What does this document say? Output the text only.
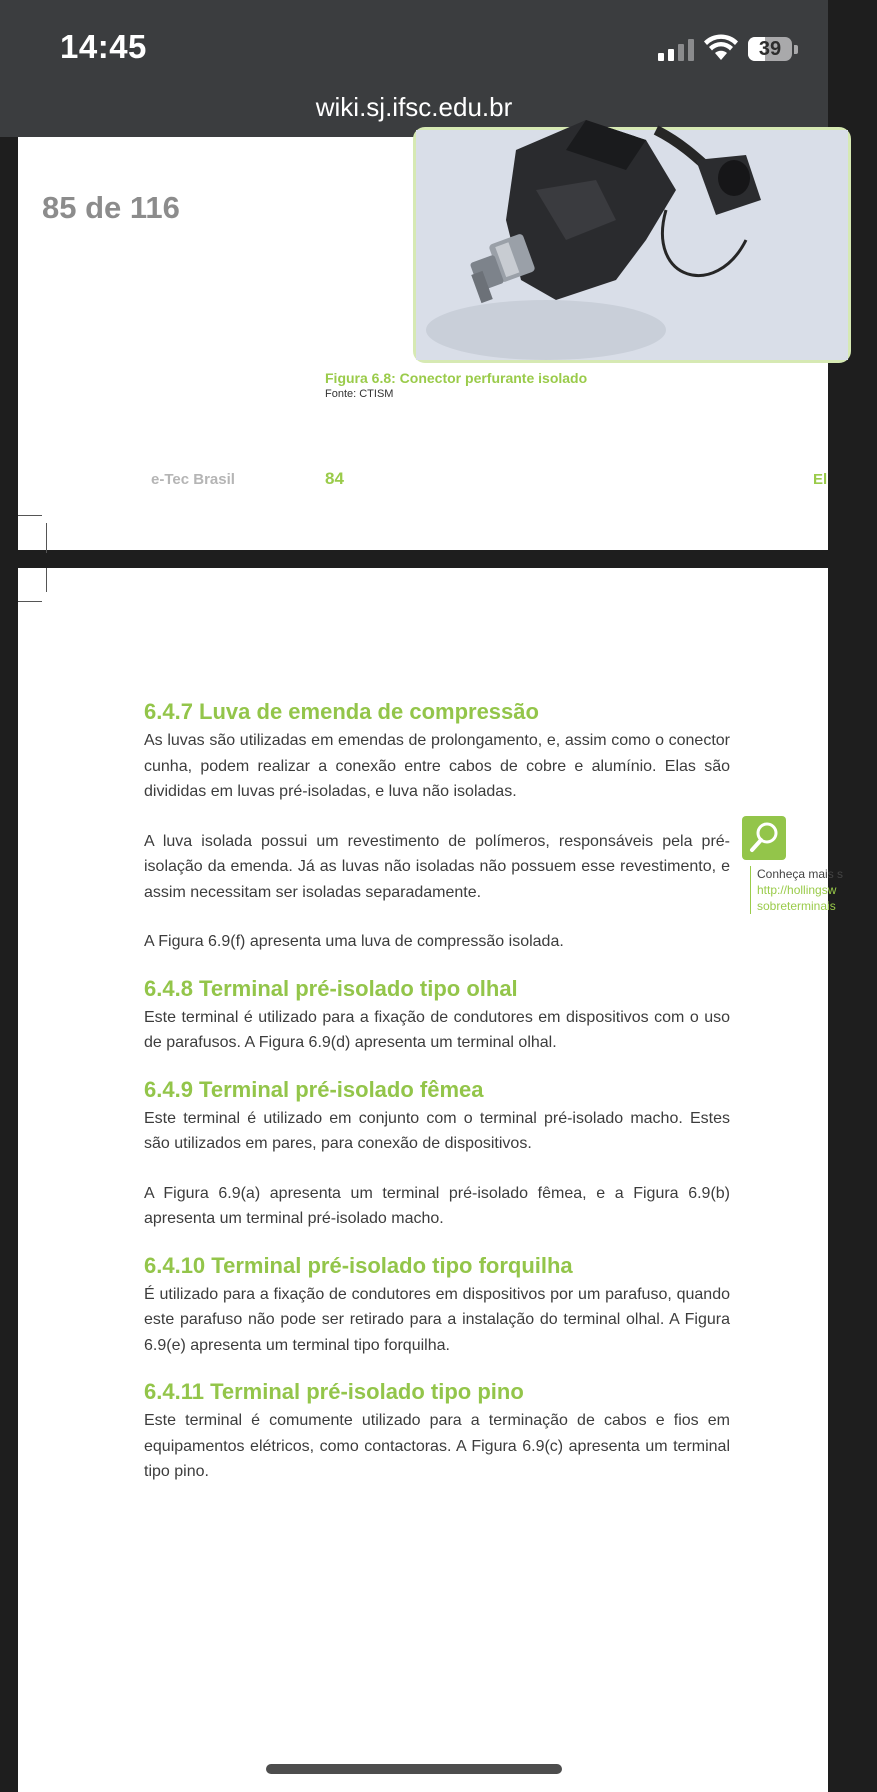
14:45	39
wiki.sj.ifsc.edu.br
Figura 6.8: Conector perfurante isolado
Fonte: CTISM
e-Tec Brasil	84	El
85 de 116
6.4.7 Luva de emenda de compressão

As luvas são utilizadas em emendas de prolongamento, e, assim como o conector cunha, podem realizar a conexão entre cabos de cobre e alumínio. Elas são divididas em luvas pré-isoladas, e luva não isoladas.

A luva isolada possui um revestimento de polímeros, responsáveis pela pré-isolação da emenda. Já as luvas não isoladas não possuem esse revestimento, e assim necessitam ser isoladas separadamente.

A Figura 6.9(f) apresenta uma luva de compressão isolada.

6.4.8 Terminal pré-isolado tipo olhal

Este terminal é utilizado para a fixação de condutores em dispositivos com o uso de parafusos. A Figura 6.9(d) apresenta um terminal olhal.

6.4.9 Terminal pré-isolado fêmea

Este terminal é utilizado em conjunto com o terminal pré-isolado macho. Estes são utilizados em pares, para conexão de dispositivos.

A Figura 6.9(a) apresenta um terminal pré-isolado fêmea, e a Figura 6.9(b) apresenta um terminal pré-isolado macho.

6.4.10 Terminal pré-isolado tipo forquilha

É utilizado para a fixação de condutores em dispositivos por um parafuso, quando este parafuso não pode ser retirado para a instalação do terminal olhal. A Figura 6.9(e) apresenta um terminal tipo forquilha.

6.4.11 Terminal pré-isolado tipo pino

Este terminal é comumente utilizado para a terminação de cabos e fios em equipamentos elétricos, como contactoras. A Figura 6.9(c) apresenta um terminal tipo pino.

Conheça mais s
http://hollingsw
sobreterminais
